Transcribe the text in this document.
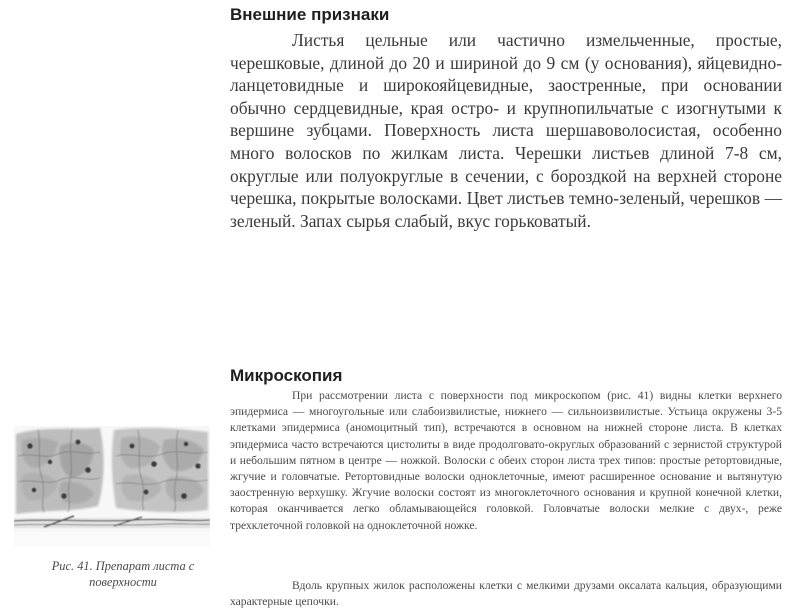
Внешние признаки

Листья цельные или частично измельченные, простые, черешковые, длиной до 20 и шириной до 9 см (у основания), яйцевидно-ланцетовидные и широкояйцевидные, заостренные, при основании обычно сердцевидные, края остро- и крупнопильчатые с изогнутыми к вершине зубцами. Поверхность листа шершавоволосистая, особенно много волосков по жилкам листа. Черешки листьев длиной 7-8 см, округлые или полуокруглые в сечении, с бороздкой на верхней стороне черешка, покрытые волосками. Цвет листьев темно-зеленый, черешков — зеленый. Запах сырья слабый, вкус горьковатый.

Микроскопия

При рассмотрении листа с поверхности под микроскопом (рис. 41) видны клетки верхнего эпидермиса — многоугольные или слабоизвилистые, нижнего — сильноизвилистые. Устьица окружены 3-5 клетками эпидермиса (аномоцитный тип), встречаются в основном на нижней стороне листа. В клетках эпидермиса часто встречаются цистолиты в виде продолговато-округлых образований с зернистой структурой и небольшим пятном в центре — ножкой. Волоски с обеих сторон листа трех типов: простые ретортовидные, жгучие и головчатые. Ретортовидные волоски одноклеточные, имеют расширенное основание и вытянутую заостренную верхушку. Жгучие волоски состоят из многоклеточного основания и крупной конечной клетки, которая оканчивается легко обламывающейся головкой. Головчатые волоски мелкие с двух-, реже трехклеточной головкой на одноклеточной ножке.

Вдоль крупных жилок расположены клетки с мелкими друзами оксалата кальция, образующими характерные цепочки.

Рис. 41. Препарат листа с поверхности
